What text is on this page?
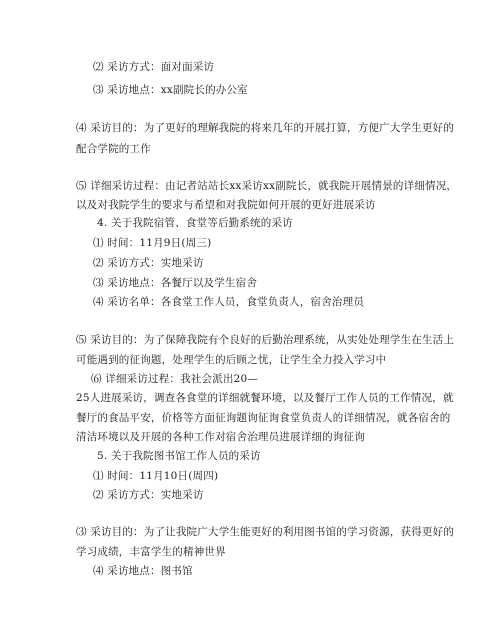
⑵ 采访方式：面对面采访
⑶ 采访地点：xx副院长的办公室
⑷ 采访目的：为了更好的理解我院的将来几年的开展打算，方便广大学生更好的
配合学院的工作
⑸ 详细采访过程：由记者站站长xx采访xx副院长，就我院开展情景的详细情况，
以及对我院学生的要求与希望和对我院如何开展的更好进展采访
4. 关于我院宿管、食堂等后勤系统的采访
⑴ 时间：11月9日(周三)
⑵ 采访方式：实地采访
⑶ 采访地点：各餐厅以及学生宿舍
⑷ 采访名单：各食堂工作人员，食堂负责人，宿舍治理员
⑸ 采访目的：为了保障我院有个良好的后勤治理系统，从实处处理学生在生活上
可能遇到的征询题，处理学生的后顾之忧，让学生全力投入学习中
⑹ 详细采访过程：我社会派出20—
25人进展采访，调查各食堂的详细就餐环境，以及餐厅工作人员的工作情况，就
餐厅的食品平安，价格等方面征询题询征询食堂负责人的详细情况，就各宿舍的
清洁环境以及开展的各种工作对宿舍治理员进展详细的询征询
5. 关于我院图书馆工作人员的采访
⑴ 时间：11月10日(周四)
⑵ 采访方式：实地采访
⑶ 采访目的：为了让我院广大学生能更好的利用图书馆的学习资源，获得更好的
学习成绩，丰富学生的精神世界
⑷ 采访地点：图书馆
